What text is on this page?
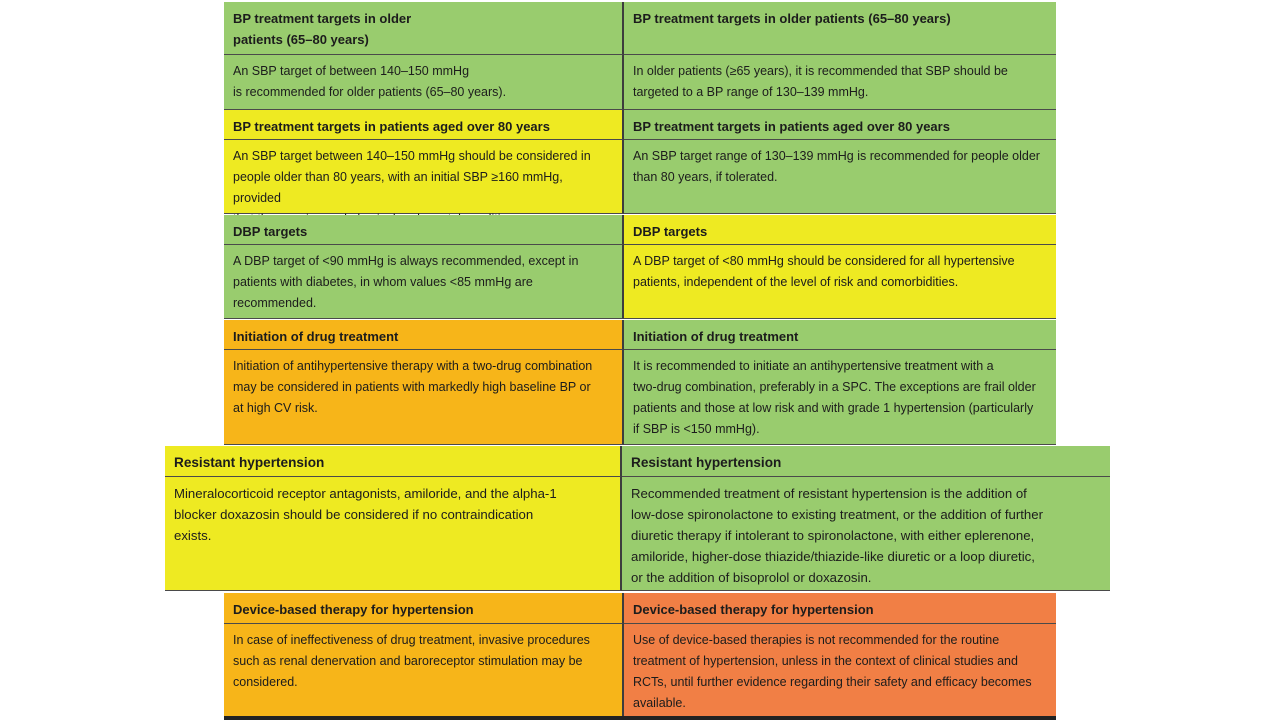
BP treatment targets in older
patients (65–80 years)
An SBP target of between 140–150 mmHg
is recommended for older patients (65–80 years).
BP treatment targets in older patients (65–80 years)
In older patients (≥65 years), it is recommended that SBP should be
targeted to a BP range of 130–139 mmHg.
BP treatment targets in patients aged over 80 years
An SBP target between 140–150 mmHg should be considered in
people older than 80 years, with an initial SBP ≥160 mmHg, provided
BP treatment targets in patients aged over 80 years
An SBP target range of 130–139 mmHg is recommended for people older
than 80 years, if tolerated.
DBP targets
A DBP target of <90 mmHg is always recommended, except in
patients with diabetes, in whom values <85 mmHg are
recommended.
DBP targets
A DBP target of <80 mmHg should be considered for all hypertensive
patients, independent of the level of risk and comorbidities.
Initiation of drug treatment
Initiation of antihypertensive therapy with a two-drug combination
may be considered in patients with markedly high baseline BP or
at high CV risk.
Initiation of drug treatment
It is recommended to initiate an antihypertensive treatment with a
two-drug combination, preferably in a SPC. The exceptions are frail older
patients and those at low risk and with grade 1 hypertension (particularly
if SBP is <150 mmHg).
Resistant hypertension
Mineralocorticoid receptor antagonists, amiloride, and the alpha-1
blocker doxazosin should be considered if no contraindication
exists.
Resistant hypertension
Recommended treatment of resistant hypertension is the addition of
low-dose spironolactone to existing treatment, or the addition of further
diuretic therapy if intolerant to spironolactone, with either eplerenone,
amiloride, higher-dose thiazide/thiazide-like diuretic or a loop diuretic,
or the addition of bisoprolol or doxazosin.
Device-based therapy for hypertension
In case of ineffectiveness of drug treatment, invasive procedures
such as renal denervation and baroreceptor stimulation may be
considered.
Device-based therapy for hypertension
Use of device-based therapies is not recommended for the routine
treatment of hypertension, unless in the context of clinical studies and
RCTs, until further evidence regarding their safety and efficacy becomes
available.
